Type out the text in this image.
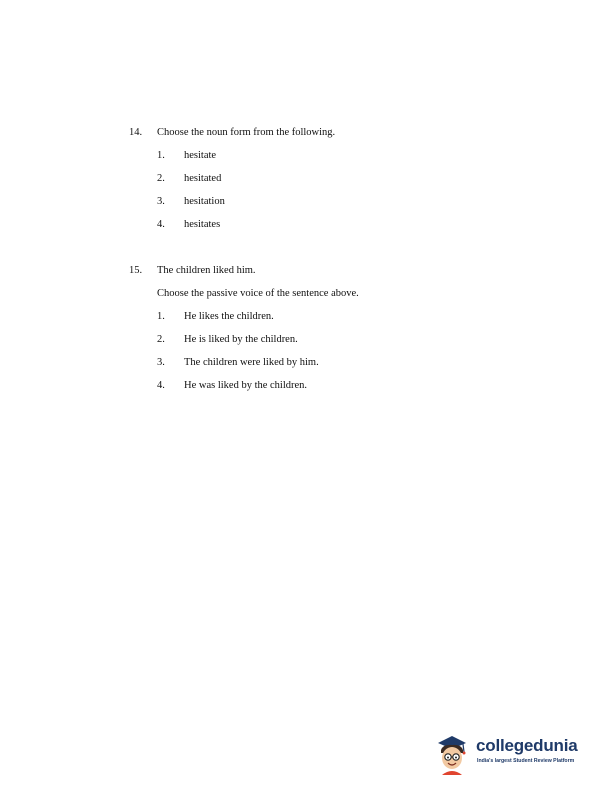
14. Choose the noun form from the following.
1. hesitate
2. hesitated
3. hesitation
4. hesitates
15. The children liked him.
Choose the passive voice of the sentence above.
1. He likes the children.
2. He is liked by the children.
3. The children were liked by him.
4. He was liked by the children.
collegedunia
India's largest Student Review Platform
